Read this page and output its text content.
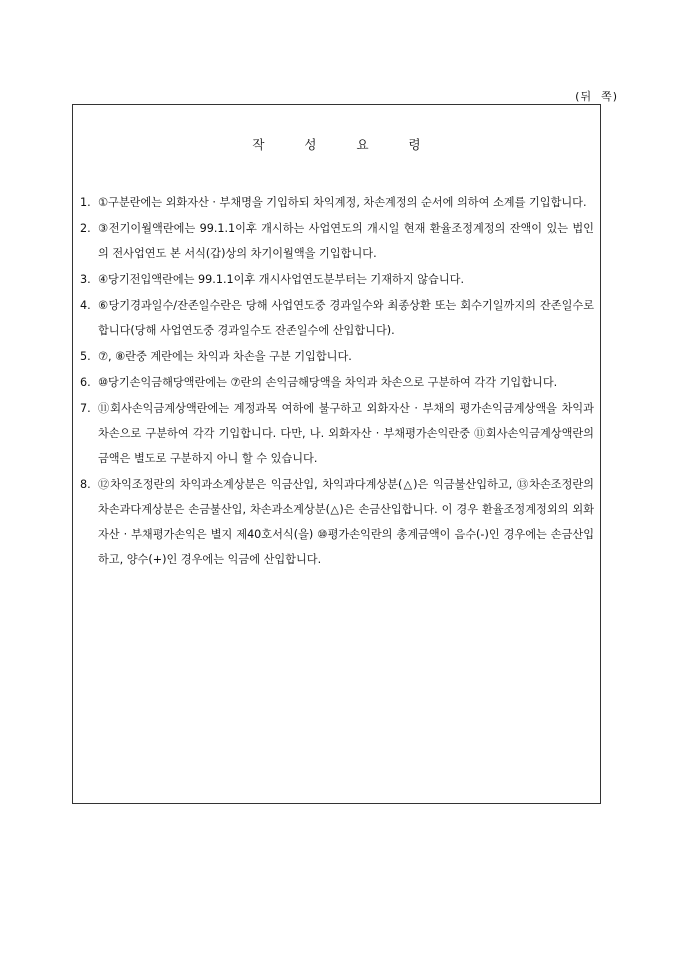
(뒤  쪽)
작	성	요	령
1. ①구분란에는 외화자산 · 부채명을 기입하되 차익계정, 차손계정의 순서에 의하여 소계를 기입합니다.
2. ③전기이월액란에는 99.1.1이후 개시하는 사업연도의 개시일 현재 환율조정계정의 잔액이 있는 법인의 전사업연도 본 서식(갑)상의 차기이월액을 기입합니다.
3. ④당기전입액란에는 99.1.1이후 개시사업연도분부터는 기재하지 않습니다.
4. ⑥당기경과일수/잔존일수란은 당해 사업연도중 경과일수와 최종상환 또는 회수기일까지의 잔존일수로 합니다(당해 사업연도중 경과일수도 잔존일수에 산입합니다).
5. ⑦, ⑧란중 계란에는 차익과 차손을 구분 기입합니다.
6. ⑩당기손익금해당액란에는 ⑦란의 손익금해당액을 차익과 차손으로 구분하여 각각 기입합니다.
7. ⑪회사손익금계상액란에는 계정과목 여하에 불구하고 외화자산 · 부채의 평가손익금계상액을 차익과 차손으로 구분하여 각각 기입합니다. 다만, 나. 외화자산 · 부채평가손익란중 ⑪회사손익금계상액란의 금액은 별도로 구분하지 아니 할 수 있습니다.
8. ⑫차익조정란의 차익과소계상분은 익금산입, 차익과다계상분(△)은 익금불산입하고, ⑬차손조정란의 차손과다계상분은 손금불산입, 차손과소계상분(△)은 손금산입합니다. 이 경우 환율조정계정외의 외화자산 · 부채평가손익은 별지 제40호서식(을) ⑩평가손익란의 총계금액이 음수(-)인 경우에는 손금산입하고, 양수(+)인 경우에는 익금에 산입합니다.
